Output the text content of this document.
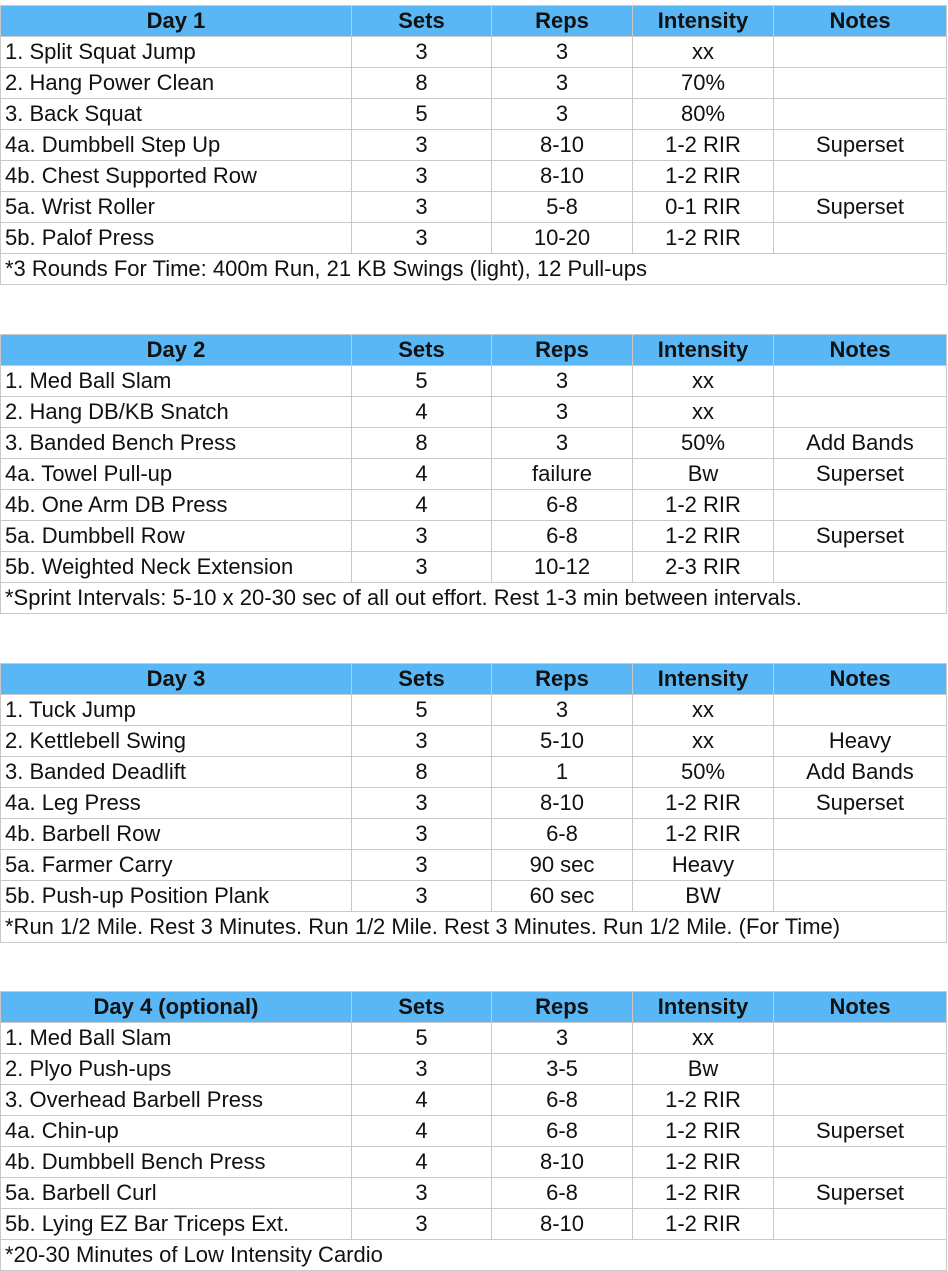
Day 1	Sets	Reps	Intensity	Notes
1. Split Squat Jump	3	3	xx	
2. Hang Power Clean	8	3	70%	
3. Back Squat	5	3	80%	
4a. Dumbbell Step Up	3	8-10	1-2 RIR	Superset
4b. Chest Supported Row	3	8-10	1-2 RIR	
5a. Wrist Roller	3	5-8	0-1 RIR	Superset
5b. Palof Press	3	10-20	1-2 RIR	
*3 Rounds For Time: 400m Run, 21 KB Swings (light), 12 Pull-ups				
Day 2	Sets	Reps	Intensity	Notes
1. Med Ball Slam	5	3	xx	
2. Hang DB/KB Snatch	4	3	xx	
3. Banded Bench Press	8	3	50%	Add Bands
4a. Towel Pull-up	4	failure	Bw	Superset
4b. One Arm DB Press	4	6-8	1-2 RIR	
5a. Dumbbell Row	3	6-8	1-2 RIR	Superset
5b. Weighted Neck Extension	3	10-12	2-3 RIR	
*Sprint Intervals: 5-10 x 20-30 sec of all out effort. Rest 1-3 min between intervals.				
Day 3	Sets	Reps	Intensity	Notes
1. Tuck Jump	5	3	xx	
2. Kettlebell Swing	3	5-10	xx	Heavy
3. Banded Deadlift	8	1	50%	Add Bands
4a. Leg Press	3	8-10	1-2 RIR	Superset
4b. Barbell Row	3	6-8	1-2 RIR	
5a. Farmer Carry	3	90 sec	Heavy	
5b. Push-up Position Plank	3	60 sec	BW	
*Run 1/2 Mile. Rest 3 Minutes. Run 1/2 Mile. Rest 3 Minutes. Run 1/2 Mile. (For Time)				
Day 4 (optional)	Sets	Reps	Intensity	Notes
1. Med Ball Slam	5	3	xx	
2. Plyo Push-ups	3	3-5	Bw	
3. Overhead Barbell Press	4	6-8	1-2 RIR	
4a. Chin-up	4	6-8	1-2 RIR	Superset
4b. Dumbbell Bench Press	4	8-10	1-2 RIR	
5a. Barbell Curl	3	6-8	1-2 RIR	Superset
5b. Lying EZ Bar Triceps Ext.	3	8-10	1-2 RIR	
*20-30 Minutes of Low Intensity Cardio				
